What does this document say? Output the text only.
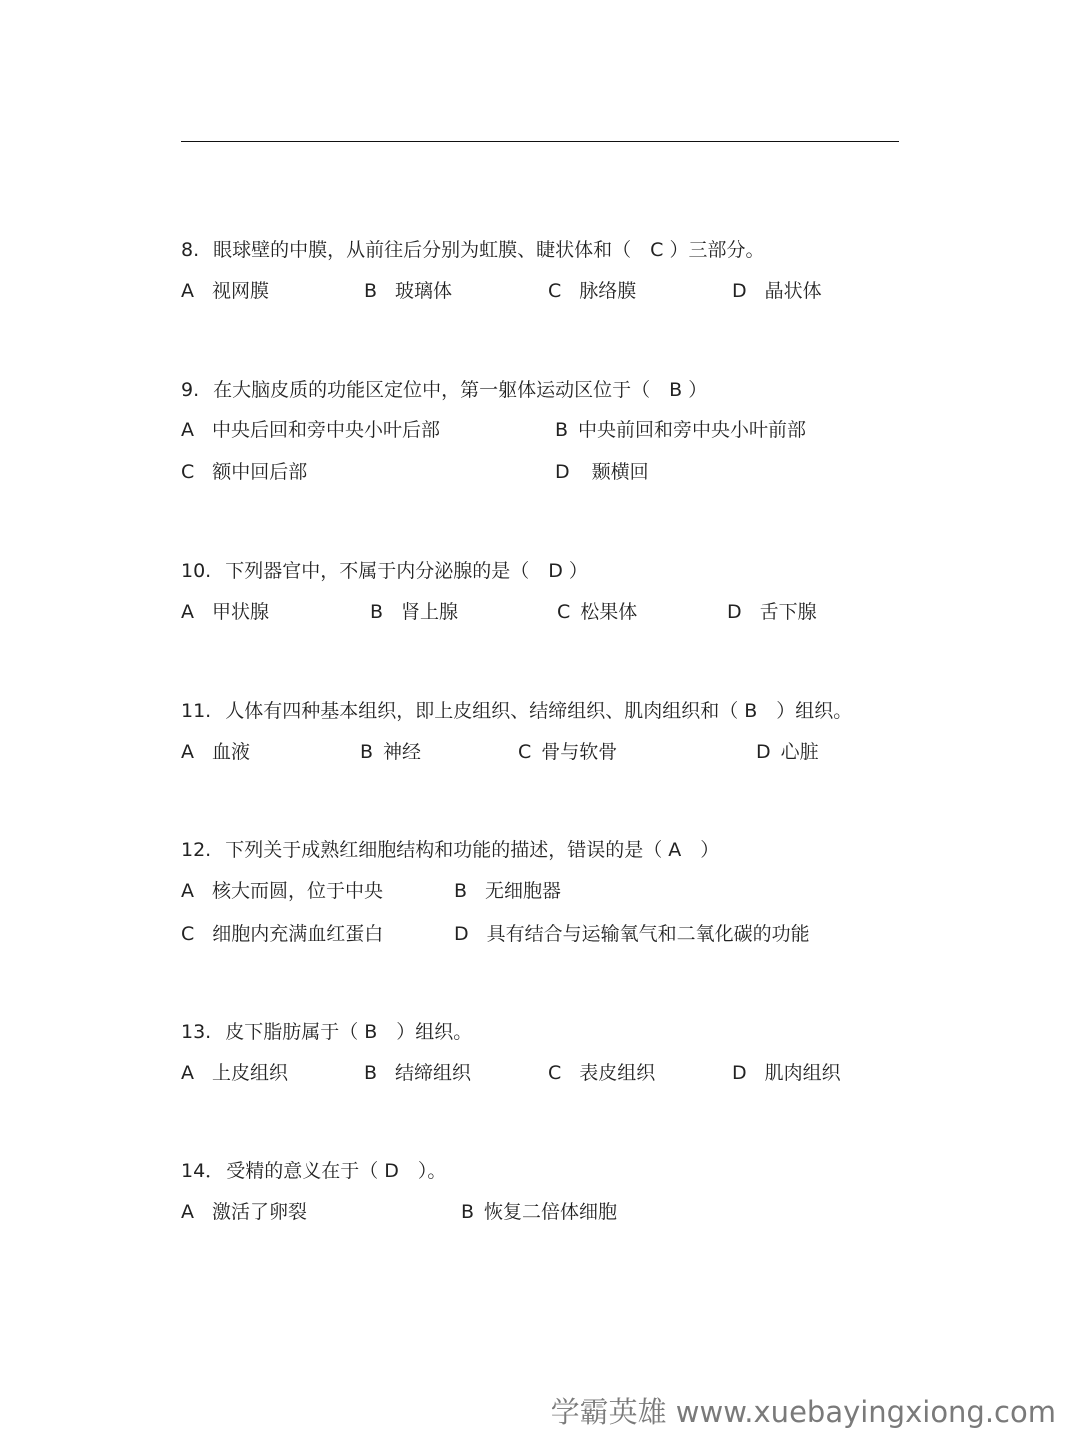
8. 眼球壁的中膜，从前往后分别为虹膜、睫状体和（　C ）三部分。
A 视网膜	B 玻璃体	C 脉络膜	D 晶状体
9. 在大脑皮质的功能区定位中，第一躯体运动区位于（　B ）
A 中央后回和旁中央小叶后部	B 中央前回和旁中央小叶前部
C 额中回后部	D 颞横回
10. 下列器官中，不属于内分泌腺的是（　D ）
A 甲状腺	B 肾上腺	C 松果体	D 舌下腺
11. 人体有四种基本组织，即上皮组织、结缔组织、肌肉组织和（ B　）组织。
A 血液	B 神经	C 骨与软骨	D 心脏
12. 下列关于成熟红细胞结构和功能的描述，错误的是（ A　）
A 核大而圆，位于中央	B 无细胞器
C 细胞内充满血红蛋白	D 具有结合与运输氧气和二氧化碳的功能
13. 皮下脂肪属于（ B　）组织。
A 上皮组织	B 结缔组织	C 表皮组织	D 肌肉组织
14． 受精的意义在于（ D　）。
A 激活了卵裂	B 恢复二倍体细胞
学霸英雄 www.xuebayingxiong.com
